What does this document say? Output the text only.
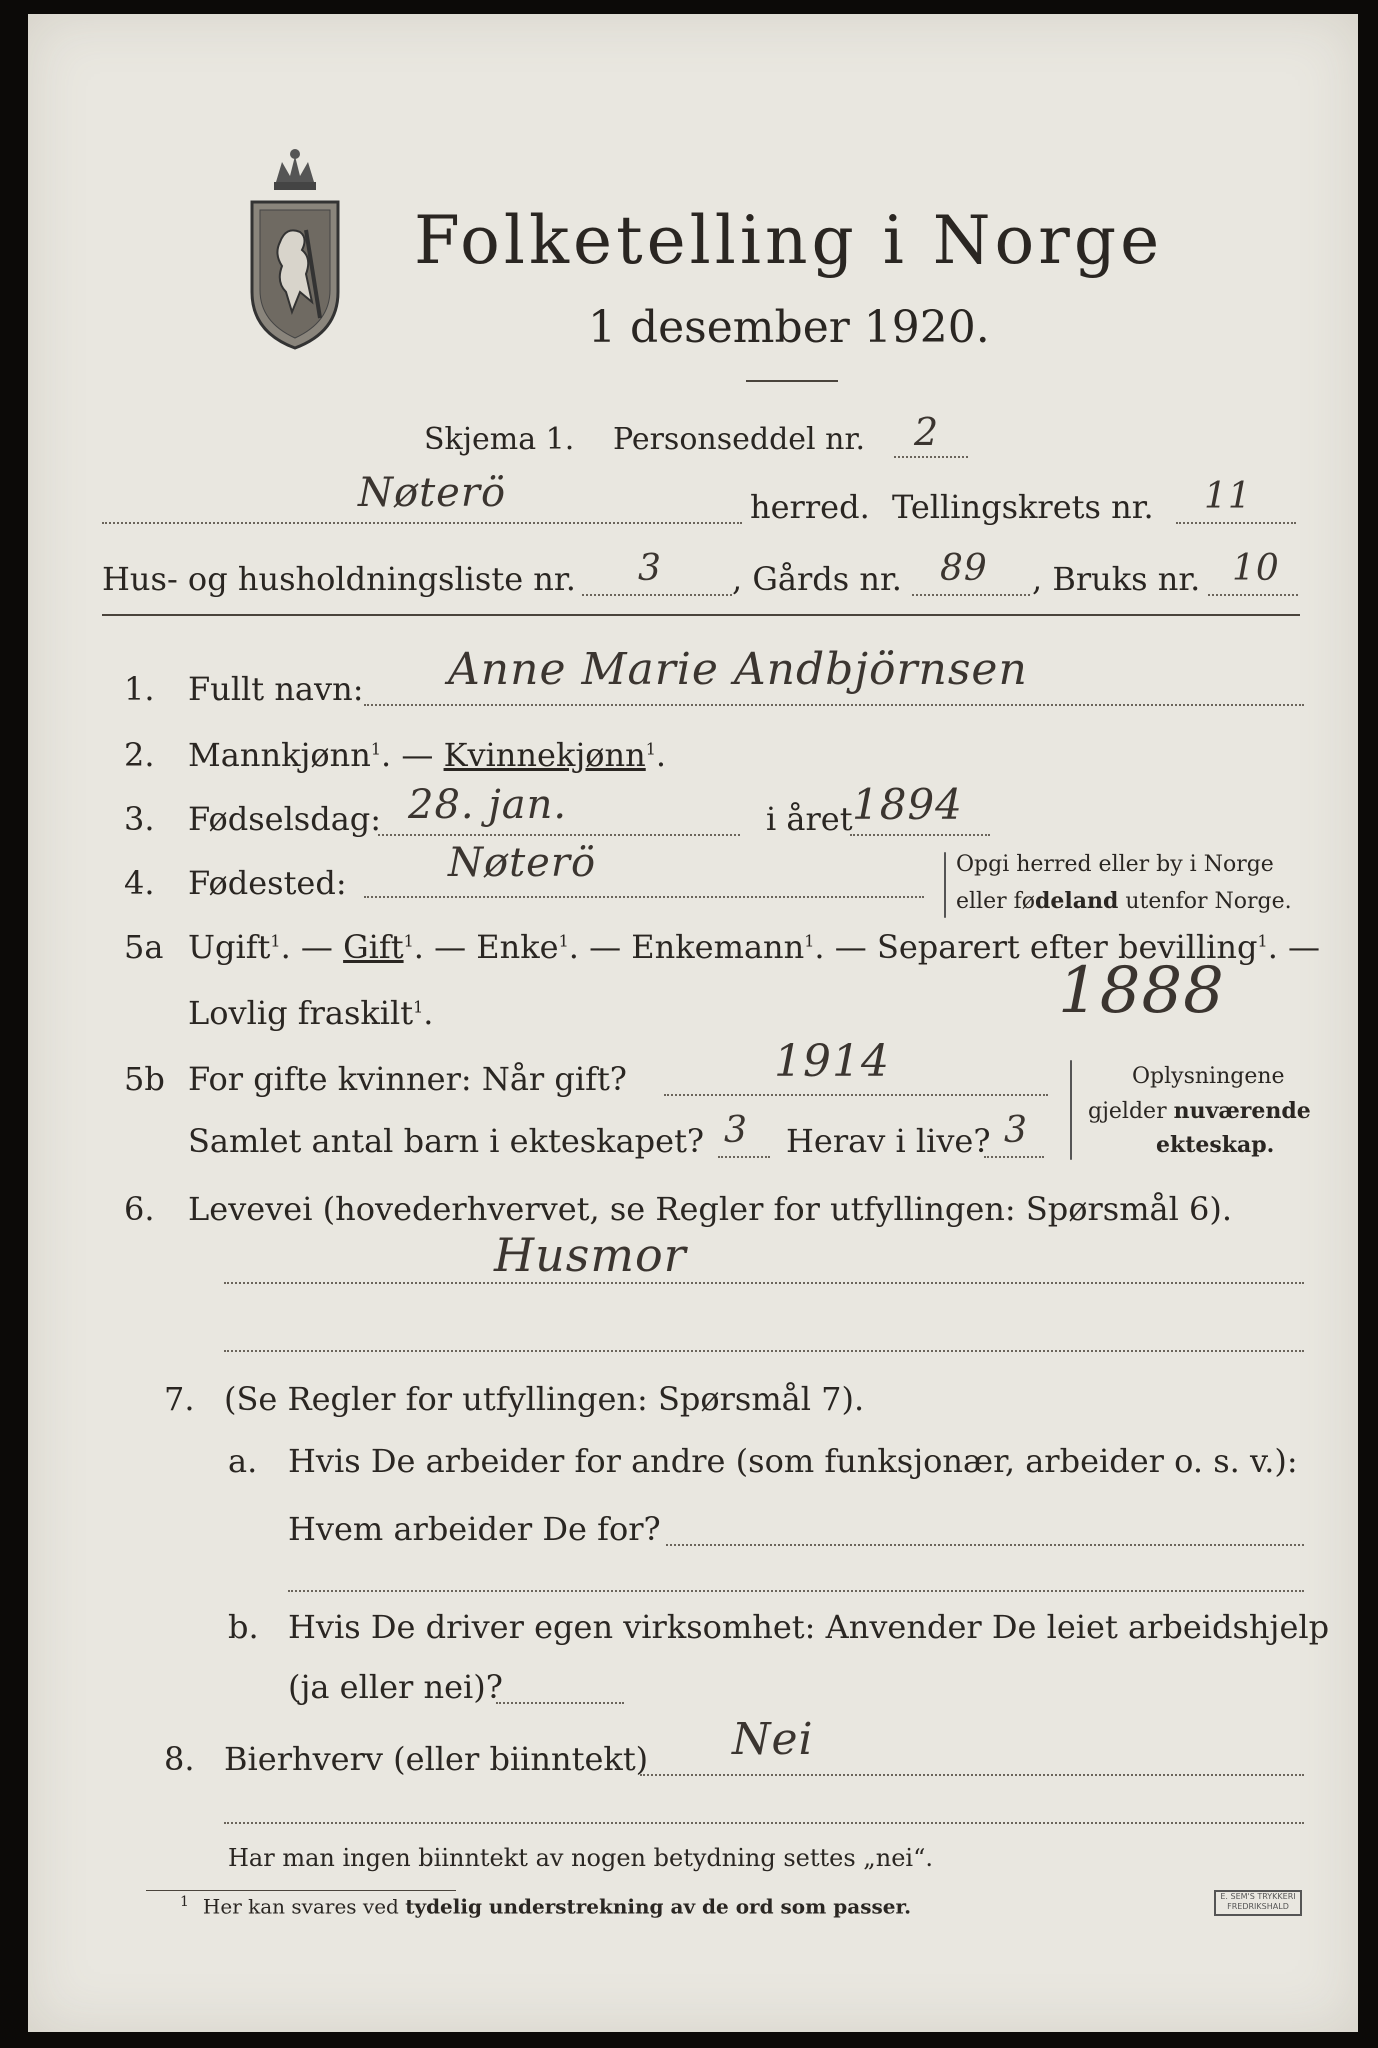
Folketelling i Norge
1 desember 1920.
Skjema 1. Personseddel nr. 2
Nøterö	herred. Tellingskrets nr. 11
Hus- og husholdningsliste nr. 3 , Gårds nr. 89 , Bruks nr. 10
1. Fullt navn: Anne Marie Andbjörnsen
2. Mannkjønn$^1$. — Kvinnekjønn$^1$.
3. Fødselsdag: 28. jan.	i året 1894
4. Fødested:	Nøterö	Opgi herred eller by i Norge
eller fødeland utenfor Norge.
5a Ugift$^1$. — Gift$^1$. — Enke$^1$. — Enkemann$^1$. — Separert efter bevilling$^1$. —
Lovlig fraskilt$^1$.	1888
5b For gifte kvinner: Når gift?	1914
Samlet antal barn i ekteskapet? 3 Herav i live? 3
Oplysningene
gjelder nuværende
ekteskap.
6. Levevei (hovederhvervet, se Regler for utfyllingen: Spørsmål 6).
Husmor
7. (Se Regler for utfyllingen: Spørsmål 7).
a. Hvis De arbeider for andre (som funksjonær, arbeider o. s. v.):
Hvem arbeider De for?
b. Hvis De driver egen virksomhet: Anvender De leiet arbeidshjelp
(ja eller nei)?
8. Bierhverv (eller biinntekt) Nei
Har man ingen biinntekt av nogen betydning settes „nei“.
$^1$ Her kan svares ved tydelig understrekning av de ord som passer.	E. SEM'S TRYKKERI FREDRIKSHALD
